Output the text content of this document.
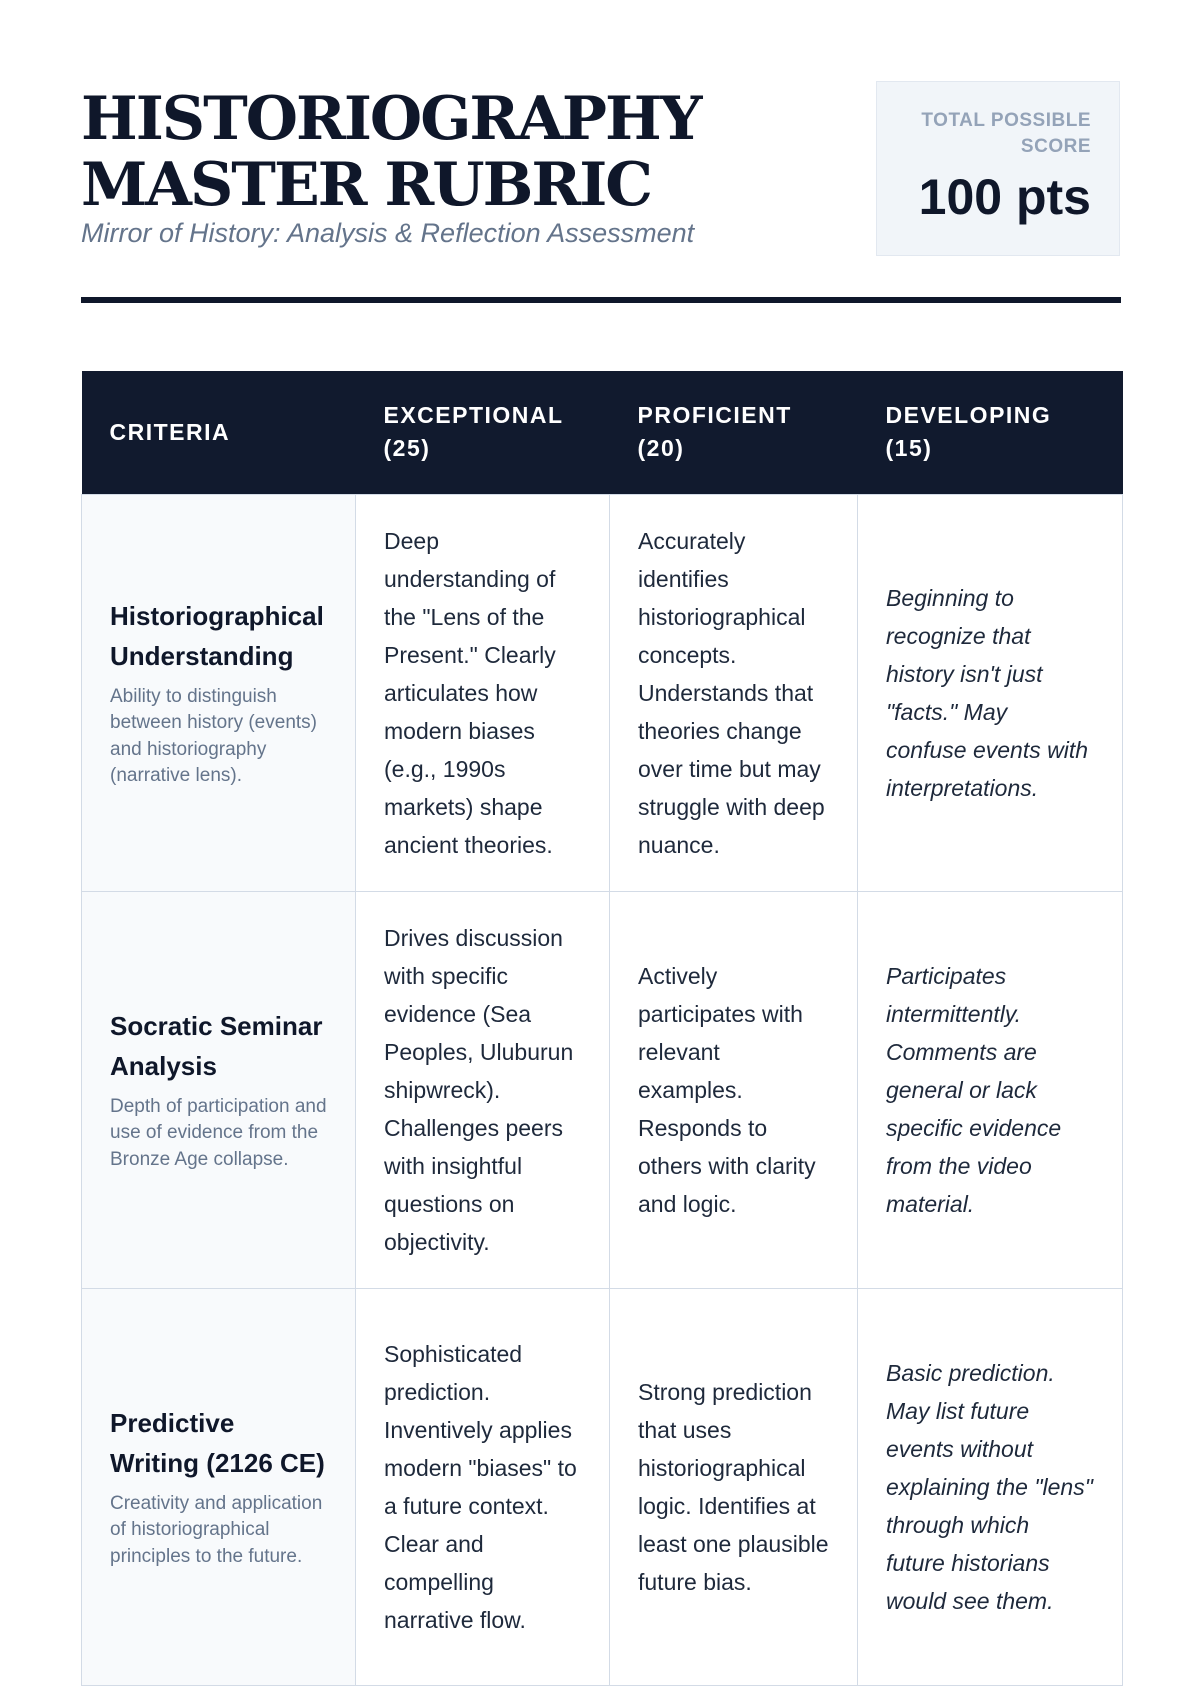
HISTORIOGRAPHY MASTER RUBRIC
Mirror of History: Analysis & Reflection Assessment
TOTAL POSSIBLE SCORE
100 pts
CRITERIA	EXCEPTIONAL (25)	PROFICIENT (20)	DEVELOPING (15)

Historiographical Understanding
Ability to distinguish between history (events) and historiography (narrative lens).	Deep understanding of the "Lens of the Present." Clearly articulates how modern biases (e.g., 1990s markets) shape ancient theories.	Accurately identifies historiographical concepts. Understands that theories change over time but may struggle with deep nuance.	Beginning to recognize that history isn't just "facts." May confuse events with interpretations.

Socratic Seminar Analysis
Depth of participation and use of evidence from the Bronze Age collapse.	Drives discussion with specific evidence (Sea Peoples, Uluburun shipwreck). Challenges peers with insightful questions on objectivity.	Actively participates with relevant examples. Responds to others with clarity and logic.	Participates intermittently. Comments are general or lack specific evidence from the video material.

Predictive Writing (2126 CE)
Creativity and application of historiographical principles to the future.	Sophisticated prediction. Inventively applies modern "biases" to a future context. Clear and compelling narrative flow.	Strong prediction that uses historiographical logic. Identifies at least one plausible future bias.	Basic prediction. May list future events without explaining the "lens" through which future historians would see them.
